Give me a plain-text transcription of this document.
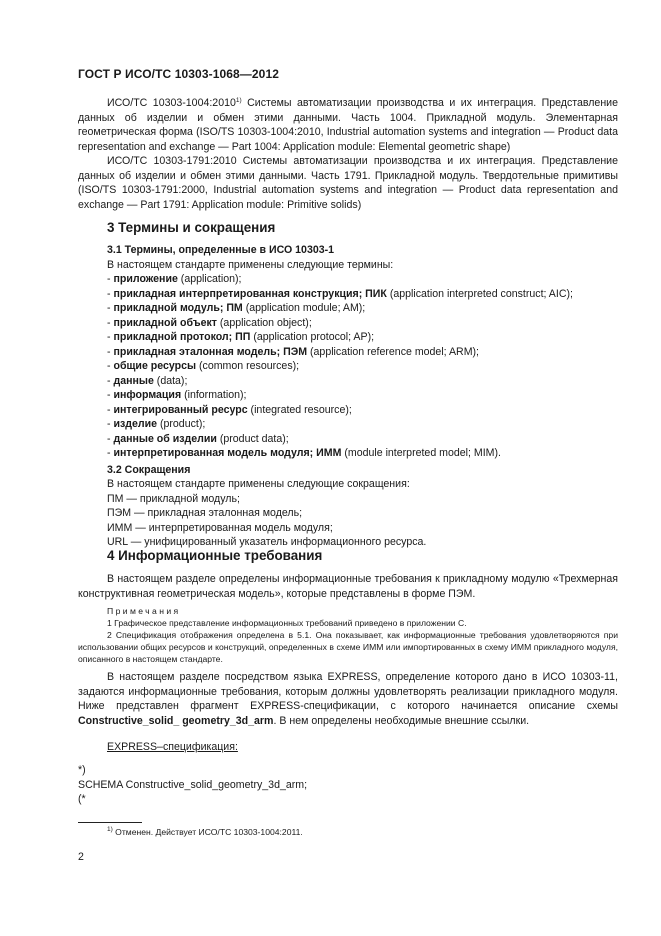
ГОСТ Р ИСО/ТС 10303-1068—2012

ИСО/ТС 10303-1004:2010$^{1)}$ Системы автоматизации производства и их интеграция. Представление данных об изделии и обмен этими данными. Часть 1004. Прикладной модуль. Элементарная геометрическая форма (ISO/TS 10303-1004:2010, Industrial automation systems and integration — Product data representation and exchange — Part 1004: Application module: Elemental geometric shape)

ИСО/ТС 10303-1791:2010 Системы автоматизации производства и их интеграция. Представление данных об изделии и обмен этими данными. Часть 1791. Прикладной модуль. Твердотельные примитивы (ISO/TS 10303-1791:2000, Industrial automation systems and integration — Product data representation and exchange — Part 1791: Application module: Primitive solids)

3 Термины и сокращения
3.1 Термины, определенные в ИСО 10303-1
В настоящем стандарте применены следующие термины:
- приложение (application);
- прикладная интерпретированная конструкция; ПИК (application interpreted construct; AIC);
- прикладной модуль; ПМ (application module; AM);
- прикладной объект (application object);
- прикладной протокол; ПП (application protocol; AP);
- прикладная эталонная модель; ПЭМ (application reference model; ARM);
- общие ресурсы (common resources);
- данные (data);
- информация (information);
- интегрированный ресурс (integrated resource);
- изделие (product);
- данные об изделии (product data);
- интерпретированная модель модуля; ИММ (module interpreted model; MIM).
3.2 Сокращения
В настоящем стандарте применены следующие сокращения:
ПМ — прикладной модуль;
ПЭМ — прикладная эталонная модель;
ИММ — интерпретированная модель модуля;
URL — унифицированный указатель информационного ресурса.
4 Информационные требования

В настоящем разделе определены информационные требования к прикладному модулю «Трехмерная конструктивная геометрическая модель», которые представлены в форме ПЭМ.

Примечания

1 Графическое представление информационных требований приведено в приложении С.

2 Спецификация отображения определена в 5.1. Она показывает, как информационные требования удовлетворяются при использовании общих ресурсов и конструкций, определенных в схеме ИММ или импортированных в схему ИММ прикладного модуля, описанного в настоящем стандарте.

В настоящем разделе посредством языка EXPRESS, определение которого дано в ИСО 10303-11, задаются информационные требования, которым должны удовлетворять реализации прикладного модуля. Ниже представлен фрагмент EXPRESS-спецификации, с которого начинается описание схемы Constructive_solid_ geometry_3d_arm. В нем определены необходимые внешние ссылки.

EXPRESS–спецификация:
*)
SCHEMA Constructive_solid_geometry_3d_arm;
(*
$^{1)}$ Отменен. Действует ИСО/ТС 10303-1004:2011.
2
